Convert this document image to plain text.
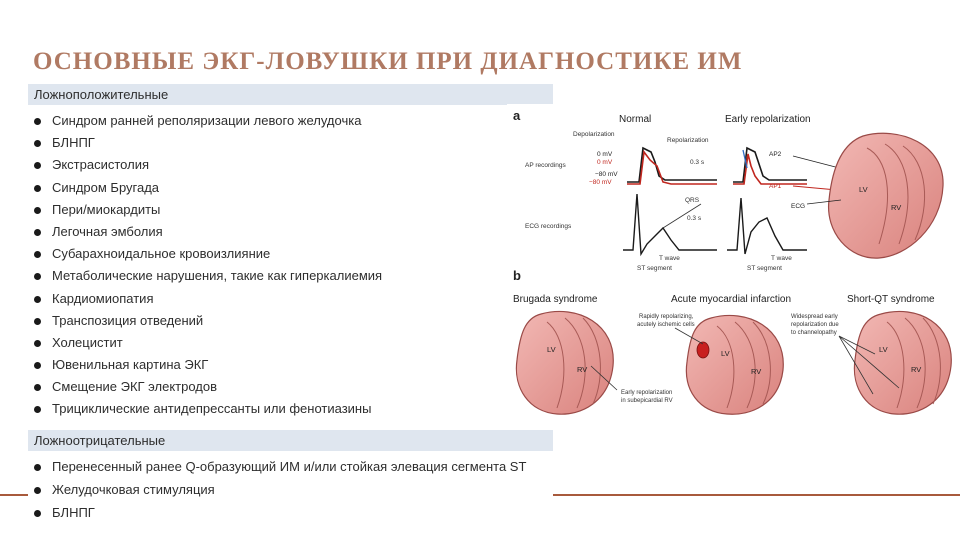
ОСНОВНЫЕ ЭКГ-ЛОВУШКИ ПРИ ДИАГНОСТИКЕ ИМ
Ложноположительные
Синдром ранней реполяризации левого желудочка
БЛНПГ
Экстрасистолия
Синдром Бругада
Пери/миокардиты
Легочная эмболия
Субарахноидальное кровоизлияние
Метаболические нарушения, такие как гиперкалиемия
Кардиомиопатия
Транспозиция отведений
Холецистит
Ювенильная картина ЭКГ
Смещение ЭКГ электродов
Трициклические антидепрессанты или фенотиазины
Ложноотрицательные
Перенесенный ранее Q-образующий ИМ и/или стойкая элевация сегмента ST
Желудочковая стимуляция
БЛНПГ
a	Normal	Early repolarization
Depolarization
Repolarization
AP recordings
0 mV
0 mV
−80 mV
−80 mV
0.3 s
AP2
AP1	LV
RV
ECG
QRS
0.3 s
ECG recordings
T wave	T wave
ST segment	ST segment
b
Brugada syndrome	Acute myocardial infarction	Short-QT syndrome
LV
RV
LV
RV
Rapidly repolarizing,
acutely ischemic cells
Early repolarization
in subepicardial RV
LV
RV
Widespread early
repolarization due
to channelopathy
